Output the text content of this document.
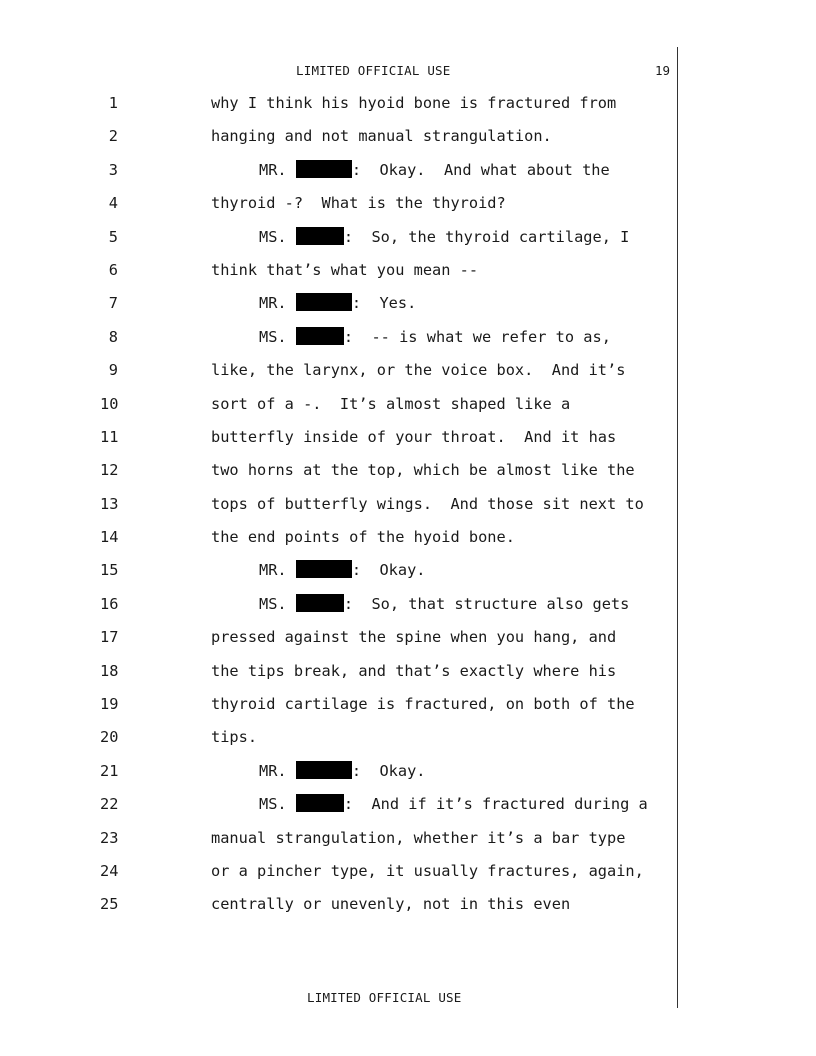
LIMITED OFFICIAL USE	19
1	why I think his hyoid bone is fractured from
2	hanging and not manual strangulation.
3	MR.	:  Okay.  And what about the
4	thyroid -?  What is the thyroid?
5	MS.	:  So, the thyroid cartilage, I
6	think that’s what you mean --
7	MR.	:  Yes.
8	MS.	:  -- is what we refer to as,
9	like, the larynx, or the voice box.  And it’s
10	sort of a -.  It’s almost shaped like a
11	butterfly inside of your throat.  And it has
12	two horns at the top, which be almost like the
13	tops of butterfly wings.  And those sit next to
14	the end points of the hyoid bone.
15	MR.	:  Okay.
16	MS.	:  So, that structure also gets
17	pressed against the spine when you hang, and
18	the tips break, and that’s exactly where his
19	thyroid cartilage is fractured, on both of the
20	tips.
21	MR.	:  Okay.
22	MS.	:  And if it’s fractured during a
23	manual strangulation, whether it’s a bar type
24	or a pincher type, it usually fractures, again,
25	centrally or unevenly, not in this even
LIMITED OFFICIAL USE
